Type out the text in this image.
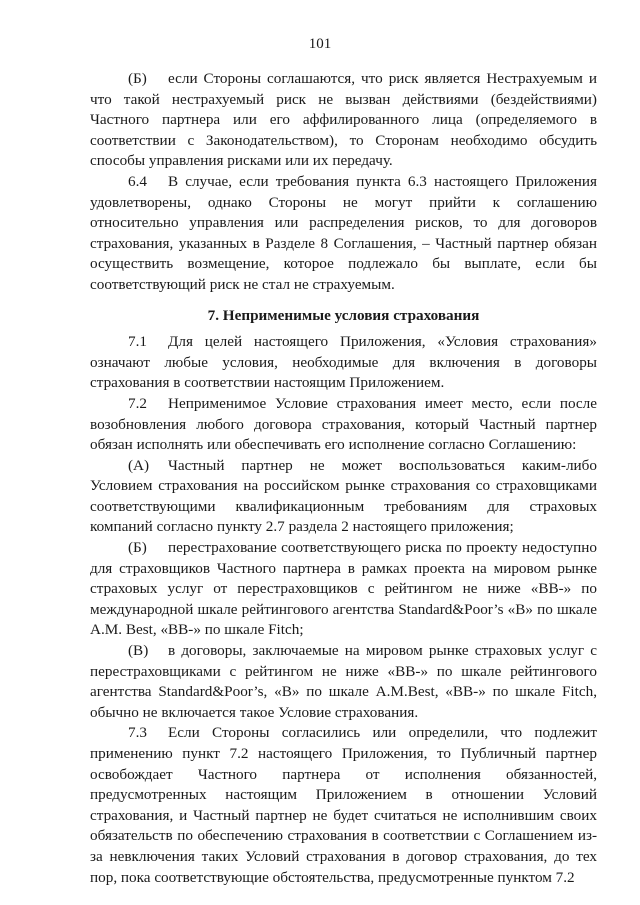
101

(Б) если Стороны соглашаются, что риск является Нестрахуемым и что такой нестрахуемый риск не вызван действиями (бездействиями) Частного партнера или его аффилированного лица (определяемого в соответствии с Законодательством), то Сторонам необходимо обсудить способы управления рисками или их передачу.

6.4 В случае, если требования пункта 6.3 настоящего Приложения удовлетворены, однако Стороны не могут прийти к соглашению относительно управления или распределения рисков, то для договоров страхования, указанных в Разделе 8 Соглашения, – Частный партнер обязан осуществить возмещение, которое подлежало бы выплате, если бы соответствующий риск не стал не страхуемым.

7. Неприменимые условия страхования

7.1 Для целей настоящего Приложения, «Условия страхования» означают любые условия, необходимые для включения в договоры страхования в соответствии настоящим Приложением.

7.2 Неприменимое Условие страхования имеет место, если после возобновления любого договора страхования, который Частный партнер обязан исполнять или обеспечивать его исполнение согласно Соглашению:

(А) Частный партнер не может воспользоваться каким-либо Условием страхования на российском рынке страхования со страховщиками соответствующими квалификационным требованиям для страховых компаний согласно пункту 2.7 раздела 2 настоящего приложения;

(Б) перестрахование соответствующего риска по проекту недоступно для страховщиков Частного партнера в рамках проекта на мировом рынке страховых услуг от перестраховщиков с рейтингом не ниже «ВВ-» по международной шкале рейтингового агентства Standard&Poor’s «В» по шкале A.M. Best, «ВВ-» по шкале Fitch;

(В) в договоры, заключаемые на мировом рынке страховых услуг с перестраховщиками с рейтингом не ниже «ВВ-» по шкале рейтингового агентства Standard&Poor’s, «В» по шкале A.M.Best, «ВВ-» по шкале Fitch, обычно не включается такое Условие страхования.

7.3 Если Стороны согласились или определили, что подлежит применению пункт 7.2 настоящего Приложения, то Публичный партнер освобождает Частного партнера от исполнения обязанностей, предусмотренных настоящим Приложением в отношении Условий страхования, и Частный партнер не будет считаться не исполнившим своих обязательств по обеспечению страхования в соответствии с Соглашением из-за невключения таких Условий страхования в договор страхования, до тех пор, пока соответствующие обстоятельства, предусмотренные пунктом 7.2
